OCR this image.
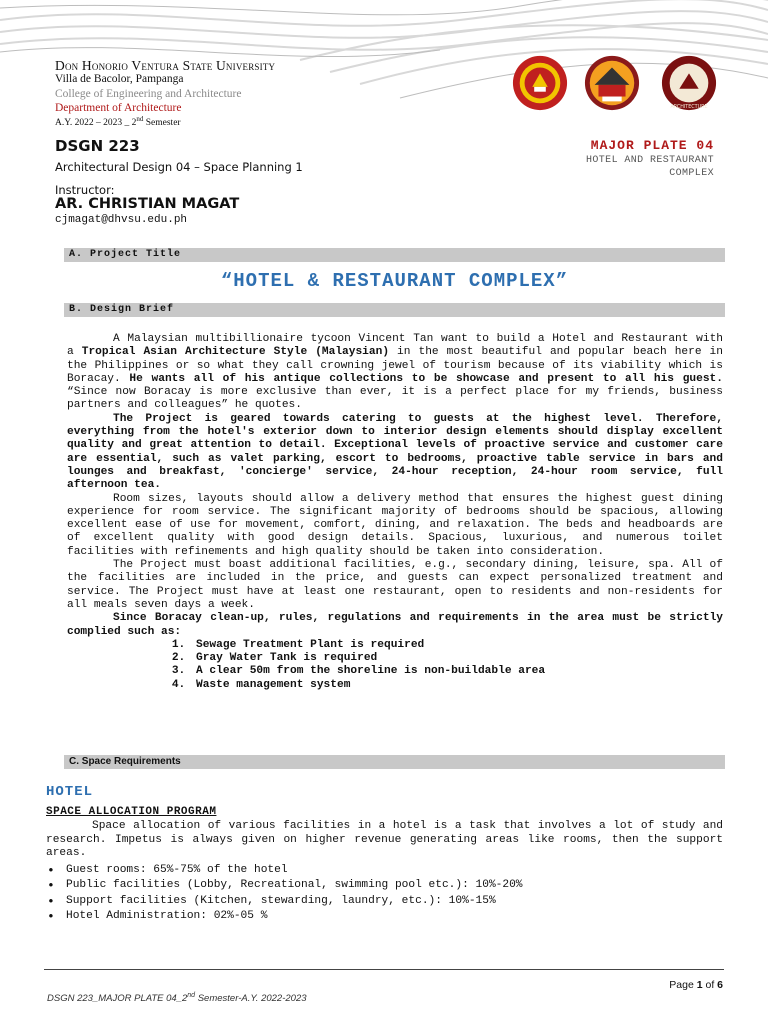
ARCHITECTURE
Don Honorio Ventura State University
Villa de Bacolor, Pampanga
College of Engineering and Architecture
Department of Architecture
A.Y. 2022 – 2023 _ 2nd Semester
DSGN 223
Architectural Design 04 – Space Planning 1
Instructor:
AR. CHRISTIAN MAGAT
cjmagat@dhvsu.edu.ph
MAJOR PLATE 04
HOTEL AND RESTAURANT
COMPLEX
A. Project Title
“HOTEL & RESTAURANT COMPLEX”
B. Design Brief

A Malaysian multibillionaire tycoon Vincent Tan want to build a Hotel and Restaurant with a Tropical Asian Architecture Style (Malaysian) in the most beautiful and popular beach here in the Philippines or so what they call crowning jewel of tourism because of its viability which is Boracay. He wants all of his antique collections to be showcase and present to all his guest. “Since now Boracay is more exclusive than ever, it is a perfect place for my friends, business partners and colleagues” he quotes.

The Project is geared towards catering to guests at the highest level. Therefore, everything from the hotel's exterior down to interior design elements should display excellent quality and great attention to detail. Exceptional levels of proactive service and customer care are essential, such as valet parking, escort to bedrooms, proactive table service in bars and lounges and breakfast, 'concierge' service, 24-hour reception, 24-hour room service, full afternoon tea.

Room sizes, layouts should allow a delivery method that ensures the highest guest dining experience for room service. The significant majority of bedrooms should be spacious, allowing excellent ease of use for movement, comfort, dining, and relaxation. The beds and headboards are of excellent quality with good design details. Spacious, luxurious, and numerous toilet facilities with refinements and high quality should be taken into consideration.

The Project must boast additional facilities, e.g., secondary dining, leisure, spa. All of the facilities are included in the price, and guests can expect personalized treatment and service. The Project must have at least one restaurant, open to residents and non-residents for all meals seven days a week.

Since Boracay clean-up, rules, regulations and requirements in the area must be strictly complied such as:

1. Sewage Treatment Plant is required
2. Gray Water Tank is required
3. A clear 50m from the shoreline is non-buildable area
4. Waste management system
C. Space Requirements
HOTEL
SPACE ALLOCATION PROGRAM

Space allocation of various facilities in a hotel is a task that involves a lot of study and research. Impetus is always given on higher revenue generating areas like rooms, then the support areas.

• Guest rooms: 65%-75% of the hotel
• Public facilities (Lobby, Recreational, swimming pool etc.): 10%-20%
• Support facilities (Kitchen, stewarding, laundry, etc.): 10%-15%
• Hotel Administration: 02%-05 %
Page 1 of 6
DSGN 223_MAJOR PLATE 04_2nd Semester-A.Y. 2022-2023
